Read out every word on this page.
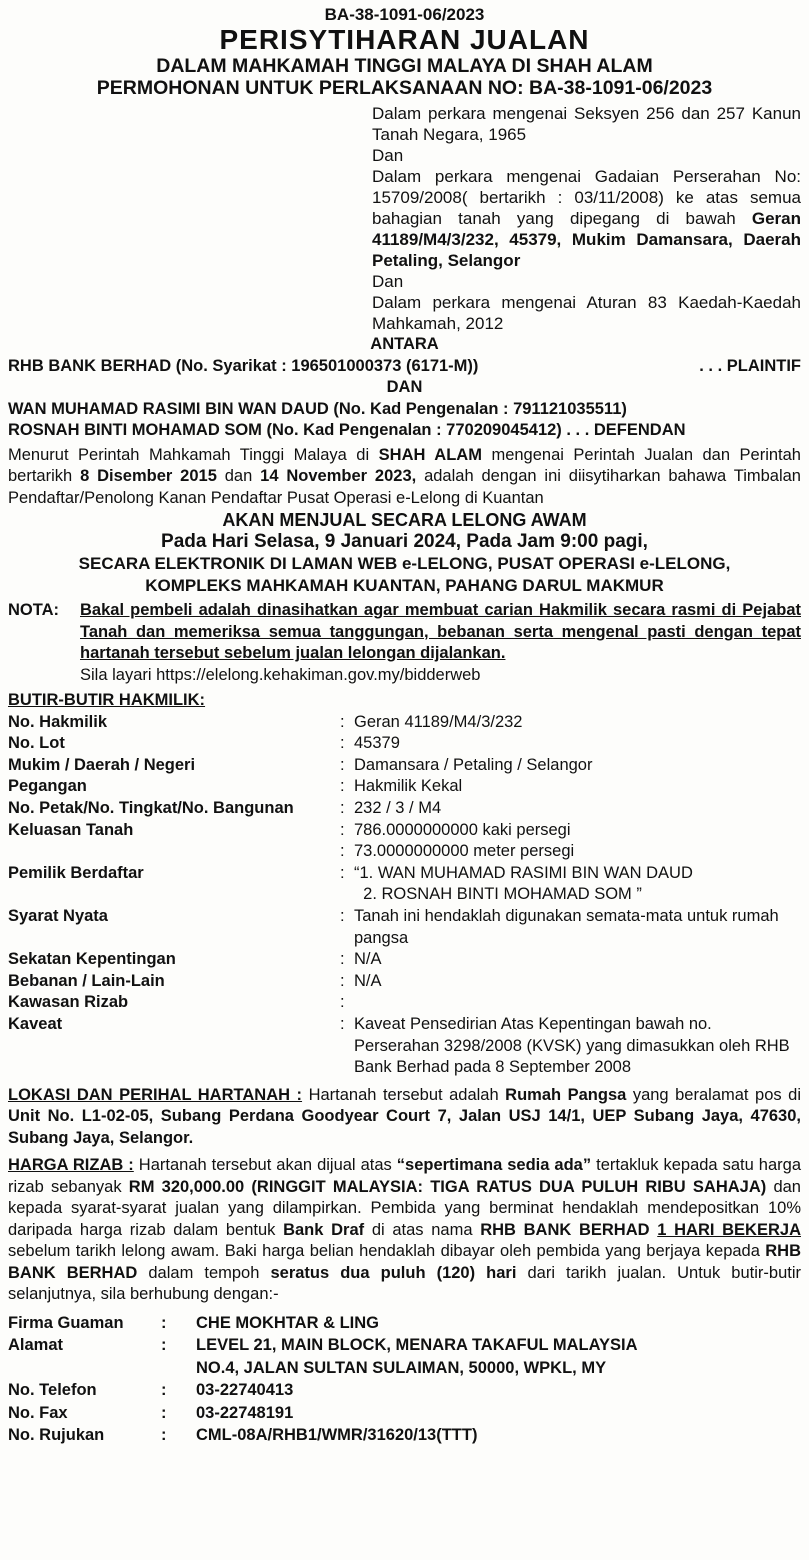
BA-38-1091-06/2023
PERISYTIHARAN JUALAN
DALAM MAHKAMAH TINGGI MALAYA DI SHAH ALAM
PERMOHONAN UNTUK PERLAKSANAAN NO: BA-38-1091-06/2023

Dalam perkara mengenai Seksyen 256 dan 257 Kanun Tanah Negara, 1965

Dan

Dalam perkara mengenai Gadaian Perserahan No: 15709/2008( bertarikh : 03/11/2008) ke atas semua bahagian tanah yang dipegang di bawah Geran 41189/M4/3/232, 45379, Mukim Damansara, Daerah Petaling, Selangor

Dan

Dalam perkara mengenai Aturan 83 Kaedah-Kaedah Mahkamah, 2012

ANTARA
RHB BANK BERHAD (No. Syarikat : 196501000373 (6171-M))	. . . PLAINTIF
DAN
WAN MUHAMAD RASIMI BIN WAN DAUD (No. Kad Pengenalan : 791121035511)
ROSNAH BINTI MOHAMAD SOM (No. Kad Pengenalan : 770209045412) . . . DEFENDAN
Menurut Perintah Mahkamah Tinggi Malaya di SHAH ALAM mengenai Perintah Jualan dan Perintah bertarikh 8 Disember 2015 dan 14 November 2023, adalah dengan ini diisytiharkan bahawa Timbalan Pendaftar/Penolong Kanan Pendaftar Pusat Operasi e-Lelong di Kuantan
AKAN MENJUAL SECARA LELONG AWAM
Pada Hari Selasa, 9 Januari 2024, Pada Jam 9:00 pagi,
SECARA ELEKTRONIK DI LAMAN WEB e-LELONG, PUSAT OPERASI e-LELONG,
KOMPLEKS MAHKAMAH KUANTAN, PAHANG DARUL MAKMUR
NOTA:	Bakal pembeli adalah dinasihatkan agar membuat carian Hakmilik secara rasmi di Pejabat Tanah dan memeriksa semua tanggungan, bebanan serta mengenal pasti dengan tepat hartanah tersebut sebelum jualan lelongan dijalankan.
Sila layari https://elelong.kehakiman.gov.my/bidderweb
BUTIR-BUTIR HAKMILIK:
No. Hakmilik	: Geran 41189/M4/3/232
No. Lot	: 45379
Mukim / Daerah / Negeri	: Damansara / Petaling / Selangor
Pegangan	: Hakmilik Kekal
No. Petak/No. Tingkat/No. Bangunan	: 232 / 3 / M4
Keluasan Tanah	: 786.0000000000 kaki persegi
: 73.0000000000 meter persegi
Pemilik Berdaftar	: “1. WAN MUHAMAD RASIMI BIN WAN DAUD
2. ROSNAH BINTI MOHAMAD SOM ”
Syarat Nyata	: Tanah ini hendaklah digunakan semata-mata untuk rumah pangsa
Sekatan Kepentingan	: N/A
Bebanan / Lain-Lain	: N/A
Kawasan Rizab	:
Kaveat	: Kaveat Pensedirian Atas Kepentingan bawah no. Perserahan 3298/2008 (KVSK) yang dimasukkan oleh RHB Bank Berhad pada 8 September 2008
LOKASI DAN PERIHAL HARTANAH : Hartanah tersebut adalah Rumah Pangsa yang beralamat pos di Unit No. L1-02-05, Subang Perdana Goodyear Court 7, Jalan USJ 14/1, UEP Subang Jaya, 47630, Subang Jaya, Selangor.
HARGA RIZAB : Hartanah tersebut akan dijual atas “sepertimana sedia ada” tertakluk kepada satu harga rizab sebanyak RM 320,000.00 (RINGGIT MALAYSIA: TIGA RATUS DUA PULUH RIBU SAHAJA) dan kepada syarat-syarat jualan yang dilampirkan. Pembida yang berminat hendaklah mendepositkan 10% daripada harga rizab dalam bentuk Bank Draf di atas nama RHB BANK BERHAD 1 HARI BEKERJA sebelum tarikh lelong awam. Baki harga belian hendaklah dibayar oleh pembida yang berjaya kepada RHB BANK BERHAD dalam tempoh seratus dua puluh (120) hari dari tarikh jualan. Untuk butir-butir selanjutnya, sila berhubung dengan:-
Firma Guaman	:	CHE MOKHTAR & LING
Alamat	:	LEVEL 21, MAIN BLOCK, MENARA TAKAFUL MALAYSIA
NO.4, JALAN SULTAN SULAIMAN, 50000, WPKL, MY
No. Telefon	:	03-22740413
No. Fax	:	03-22748191
No. Rujukan	:	CML-08A/RHB1/WMR/31620/13(TTT)
